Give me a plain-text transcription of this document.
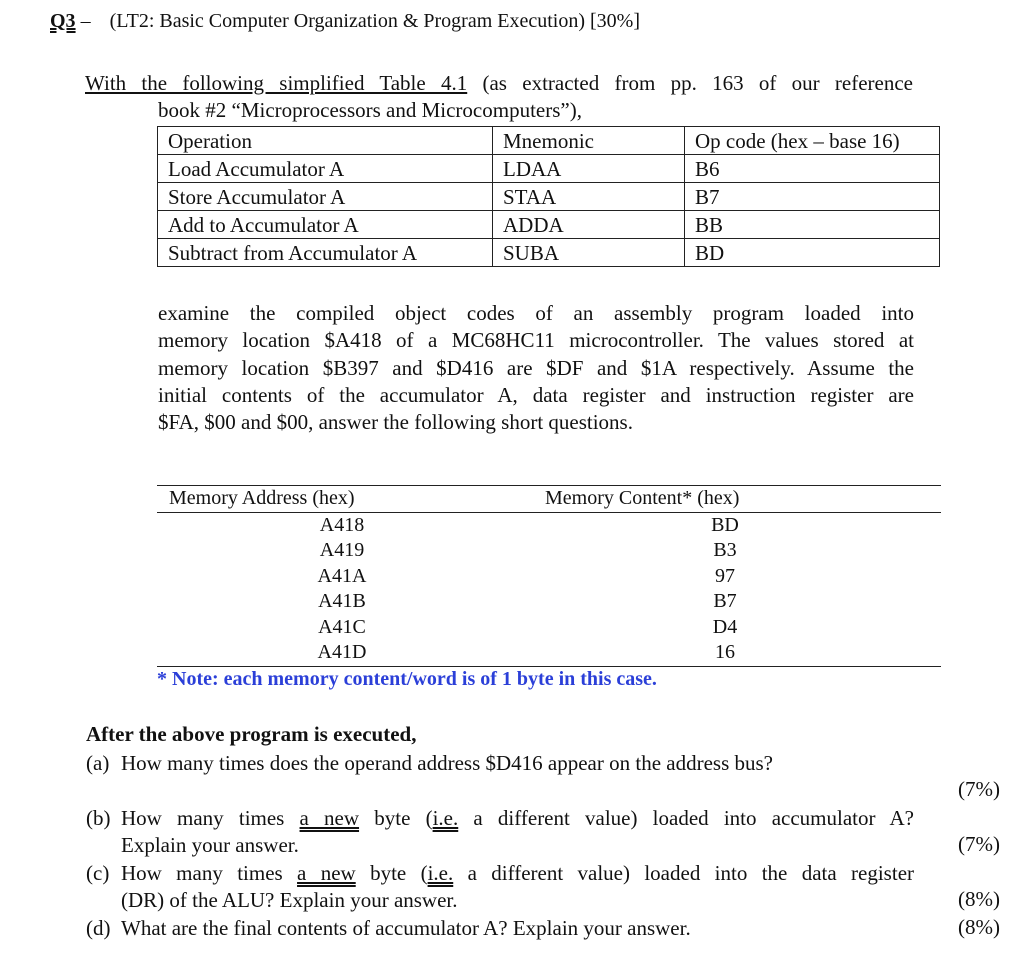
Q3 – (LT2: Basic Computer Organization & Program Execution) [30%]
With the following simplified Table 4.1 (as extracted from pp. 163 of our reference
book #2 “Microprocessors and Microcomputers”),
Operation	Mnemonic	Op code (hex – base 16)
Load Accumulator A	LDAA	B6
Store Accumulator A	STAA	B7
Add to Accumulator A	ADDA	BB
Subtract from Accumulator A	SUBA	BD
examine the compiled object codes of an assembly program loaded into
memory location $A418 of a MC68HC11 microcontroller. The values stored at
memory location $B397 and $D416 are $DF and $1A respectively. Assume the
initial contents of the accumulator A, data register and instruction register are
$FA, $00 and $00, answer the following short questions.
Memory Address (hex)	Memory Content* (hex)
A418	BD
A419	B3
A41A	97
A41B	B7
A41C	D4
A41D	16
* Note: each memory content/word is of 1 byte in this case.
After the above program is executed,
(a) How many times does the operand address $D416 appear on the address bus?
(7%)
(b) How many times a new byte (i.e. a different value) loaded into accumulator A?
Explain your answer.	(7%)
(c) How many times a new byte (i.e. a different value) loaded into the data register
(DR) of the ALU? Explain your answer.	(8%)
(d) What are the final contents of accumulator A? Explain your answer.	(8%)
